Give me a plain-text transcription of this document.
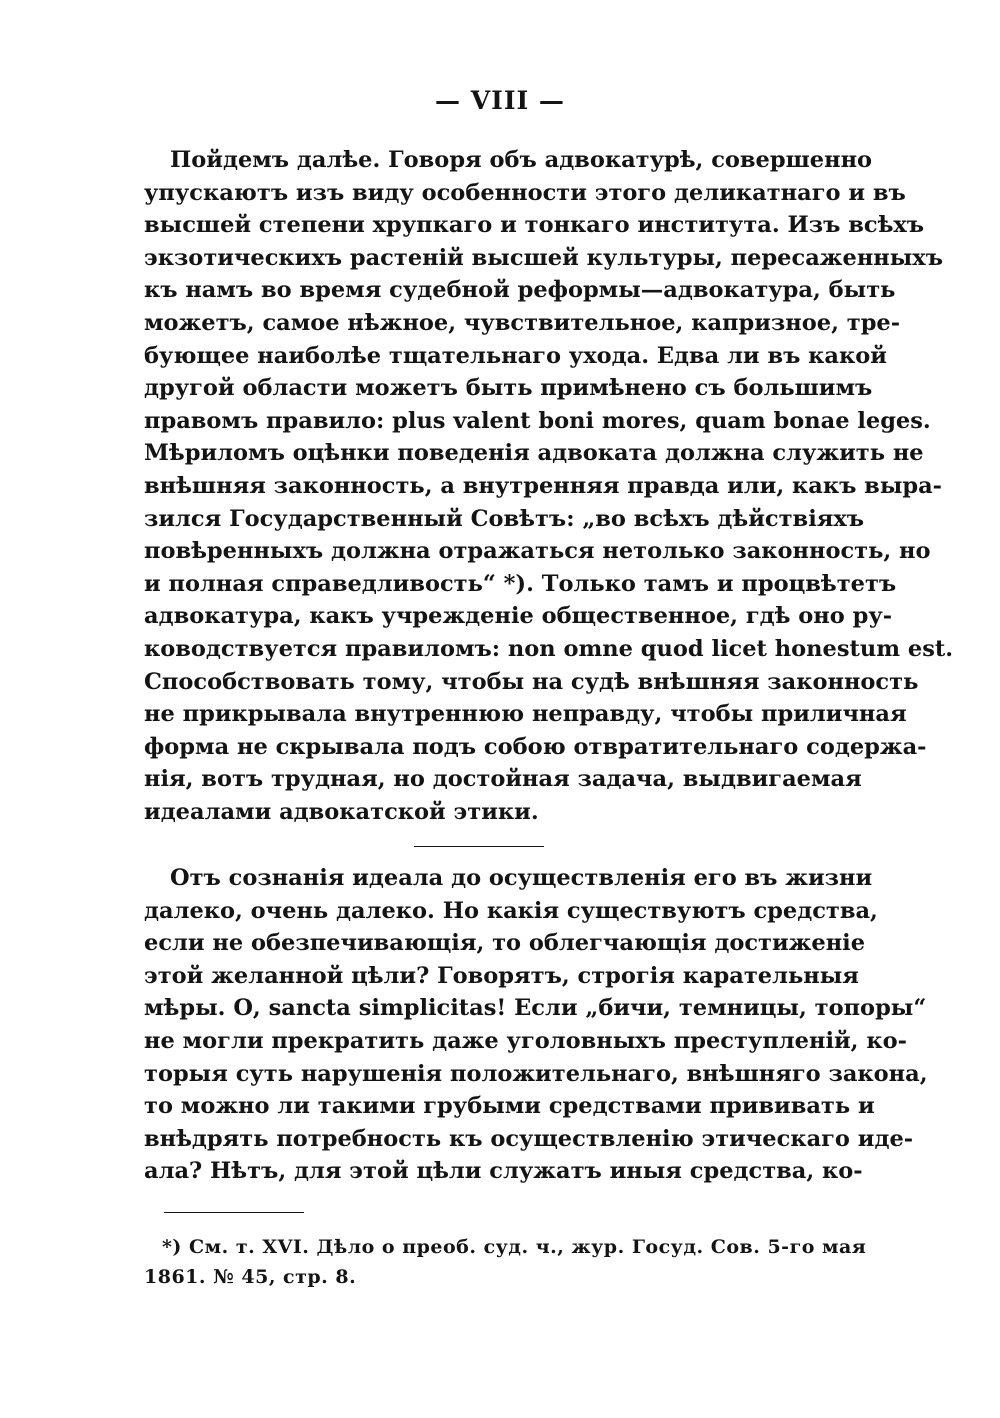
— VIII —
Пойдемъ далѣе. Говоря объ адвокатурѣ, совершенно
упускаютъ изъ виду особенности этого деликатнаго и въ
высшей степени хрупкаго и тонкаго института. Изъ всѣхъ
экзотическихъ растенiй высшей культуры, пересаженныхъ
къ намъ во время судебной реформы—адвокатура, быть
можетъ, самое нѣжное, чувствительное, капризное, тре-
бующее наиболѣе тщательнаго ухода. Едва ли въ какой
другой области можетъ быть примѣнено съ большимъ
правомъ правило: plus valent boni mores, quam bonae leges.
Мѣриломъ оцѣнки поведенiя адвоката должна служить не
внѣшняя законность, а внутренняя правда или, какъ выра-
зился Государственный Совѣтъ: „во всѣхъ дѣйствiяхъ
повѣренныхъ должна отражаться нетолько законность, но
и полная справедливость“ *). Только тамъ и процвѣтетъ
адвокатура, какъ учрежденiе общественное, гдѣ оно ру-
ководствуется правиломъ: non omne quod licet honestum est.
Способствовать тому, чтобы на судѣ внѣшняя законность
не прикрывала внутреннюю неправду, чтобы приличная
форма не скрывала подъ собою отвратительнаго содержа-
нiя, вотъ трудная, но достойная задача, выдвигаемая
идеалами адвокатской этики.
Отъ сознанiя идеала до осуществленiя его въ жизни
далеко, очень далеко. Но какiя существуютъ средства,
если не обезпечивающiя, то облегчающiя достиженiе
этой желанной цѣли? Говорятъ, строгiя карательныя
мѣры. О, sancta simplicitas! Если „бичи, темницы, топоры“
не могли прекратить даже уголовныхъ преступленiй, ко-
торыя суть нарушенiя положительнаго, внѣшняго закона,
то можно ли такими грубыми средствами прививать и
внѣдрять потребность къ осуществленiю этическаго иде-
ала? Нѣтъ, для этой цѣли служатъ иныя средства, ко-
*) См. т. XVI. Дѣло о преоб. суд. ч., жур. Госуд. Сов. 5-го мая
1861. № 45, стр. 8.
